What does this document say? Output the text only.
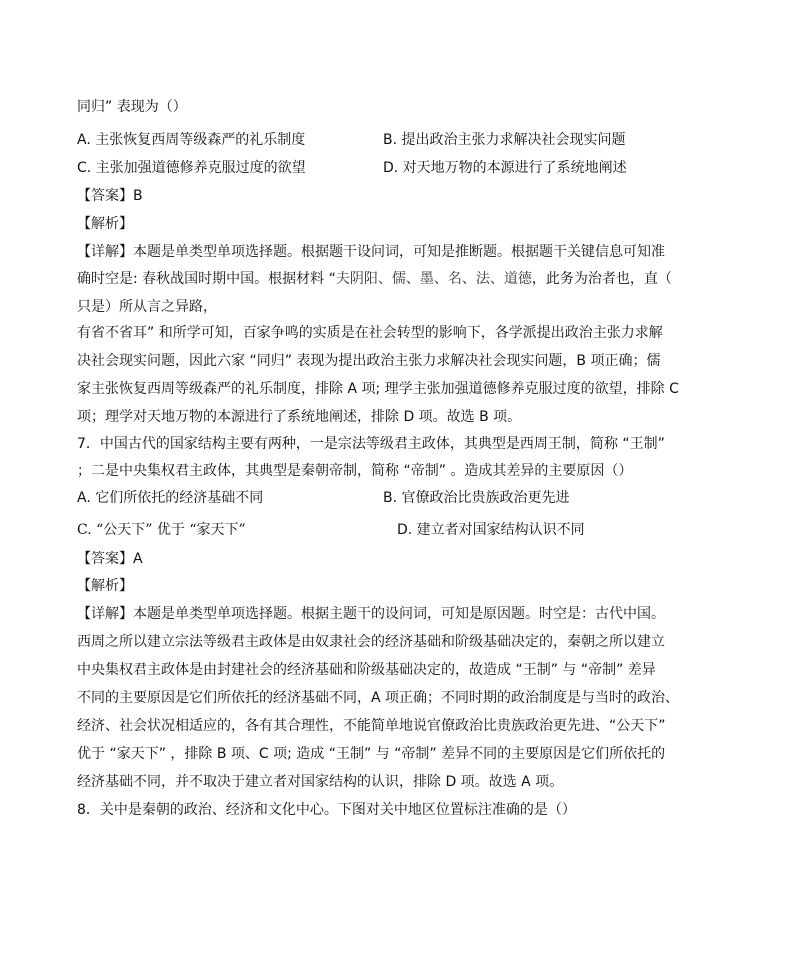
同归” 表现为（）
A. 主张恢复西周等级森严的礼乐制度	B. 提出政治主张力求解决社会现实问题
C. 主张加强道德修养克服过度的欲望	D. 对天地万物的本源进行了系统地阐述
【答案】B
【解析】
【详解】本题是单类型单项选择题。根据题干设问词，可知是推断题。根据题干关键信息可知准
确时空是: 春秋战国时期中国。根据材料 “夫阴阳、儒、墨、名、法、道德，此务为治者也，直（
只是）所从言之异路，
有省不省耳” 和所学可知，百家争鸣的实质是在社会转型的影响下，各学派提出政治主张力求解
决社会现实问题，因此六家 “同归” 表现为提出政治主张力求解决社会现实问题，B 项正确；儒
家主张恢复西周等级森严的礼乐制度，排除 A 项; 理学主张加强道德修养克服过度的欲望，排除 C
项；理学对天地万物的本源进行了系统地阐述，排除 D 项。故选 B 项。
7．中国古代的国家结构主要有两种，一是宗法等级君主政体，其典型是西周王制，简称 “王制”
；二是中央集权君主政体，其典型是秦朝帝制，简称 “帝制” 。造成其差异的主要原因（）
A. 它们所依托的经济基础不同	B. 官僚政治比贵族政治更先进
C. “公天下” 优于 “家天下”	D. 建立者对国家结构认识不同
【答案】A
【解析】
【详解】本题是单类型单项选择题。根据主题干的设问词，可知是原因题。时空是：古代中国。
西周之所以建立宗法等级君主政体是由奴隶社会的经济基础和阶级基础决定的，秦朝之所以建立
中央集权君主政体是由封建社会的经济基础和阶级基础决定的，故造成 “王制” 与 “帝制” 差异
不同的主要原因是它们所依托的经济基础不同，A 项正确；不同时期的政治制度是与当时的政治、
经济、社会状况相适应的，各有其合理性，不能简单地说官僚政治比贵族政治更先进、“公天下”
优于 “家天下” ，排除 B 项、C 项; 造成 “王制” 与 “帝制” 差异不同的主要原因是它们所依托的
经济基础不同，并不取决于建立者对国家结构的认识，排除 D 项。故选 A 项。
8．关中是秦朝的政治、经济和文化中心。下图对关中地区位置标注准确的是（）
